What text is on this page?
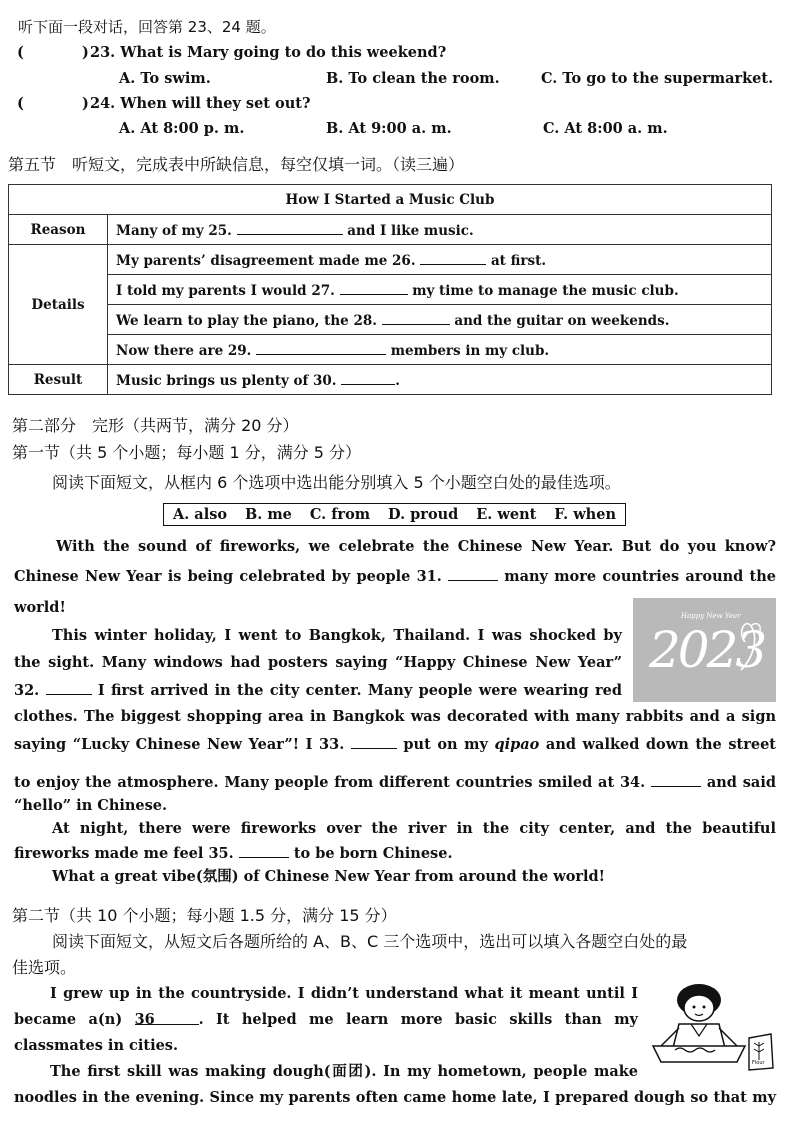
听下面一段对话，回答第 23、24 题。
(	) 23. What is Mary going to do this weekend?
A. To swim.	B. To clean the room.	C. To go to the supermarket.
(	) 24. When will they set out?
A. At 8:00 p. m.	B. At 9:00 a. m.	C. At 8:00 a. m.
第五节　听短文，完成表中所缺信息，每空仅填一词。（读三遍）
How I Started a Music Club	
Reason	Many of my 25. and I like music.
Details	My parents’ disagreement made me 26. at first.
	I told my parents I would 27. my time to manage the music club.
	We learn to play the piano, the 28. and the guitar on weekends.
	Now there are 29. members in my club.
Result	Music brings us plenty of 30. .
第二部分　完形（共两节，满分 20 分）
第一节（共 5 个小题；每小题 1 分，满分 5 分）
阅读下面短文，从框内 6 个选项中选出能分别填入 5 个小题空白处的最佳选项。
A. also B. me C. from D. proud E. went F. when
With the sound of fireworks, we celebrate the Chinese New Year. But do you know?
Chinese New Year is being celebrated by people 31.	many more countries around the
world!
This winter holiday, I went to Bangkok, Thailand. I was shocked by
the sight. Many windows had posters saying “Happy Chinese New Year”
32.	I first arrived in the city center. Many people were wearing red
clothes. The biggest shopping area in Bangkok was decorated with many rabbits and a sign
saying “Lucky Chinese New Year”! I 33.	put on my qipao and walked down the street
to enjoy the atmosphere. Many people from different countries smiled at 34.	and said
“hello” in Chinese.
At night, there were fireworks over the river in the city center, and the beautiful
fireworks made me feel 35.	to be born Chinese.
What a great vibe(氛围) of Chinese New Year from around the world!
Happy New Year
2023
第二节（共 10 个小题；每小题 1.5 分，满分 15 分）
阅读下面短文，从短文后各题所给的 A、B、C 三个选项中，选出可以填入各题空白处的最
佳选项。
I grew up in the countryside. I didn’t understand what it meant until I
became a(n) 36	. It helped me learn more basic skills than my
classmates in cities.
The first skill was making dough(面团). In my hometown, people make
noodles in the evening. Since my parents often came home late, I prepared dough so that my
Flour
